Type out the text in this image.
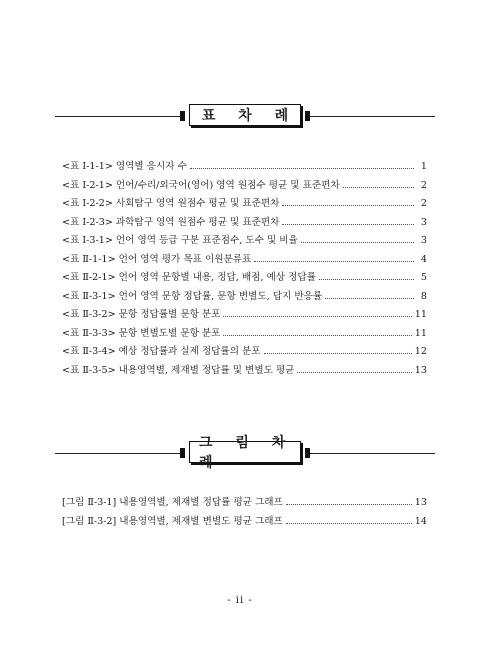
표 차 례
<표 Ⅰ-1-1> 영역별 응시자 수	1
<표 Ⅰ-2-1> 언어/수리/외국어(영어) 영역 원점수 평균 및 표준편차	2
<표 Ⅰ-2-2> 사회탐구 영역 원점수 평균 및 표준편차	2
<표 Ⅰ-2-3> 과학탐구 영역 원점수 평균 및 표준편차	3
<표 Ⅰ-3-1> 언어 영역 등급 구분 표준점수, 도수 및 비율	3
<표 Ⅱ-1-1> 언어 영역 평가 목표 이원분류표	4
<표 Ⅱ-2-1> 언어 영역 문항별 내용, 정답, 배점, 예상 정답률	5
<표 Ⅱ-3-1> 언어 영역 문항 정답률, 문항 변별도, 답지 반응률	8
<표 Ⅱ-3-2> 문항 정답률별 문항 분포	11
<표 Ⅱ-3-3> 문항 변별도별 문항 분포	11
<표 Ⅱ-3-4> 예상 정답률과 실제 정답률의 분포	12
<표 Ⅱ-3-5> 내용영역별, 제재별 정답률 및 변별도 평균	13
그 림 차 례
[그림 Ⅱ-3-1] 내용영역별, 제재별 정답률 평균 그래프	13
[그림 Ⅱ-3-2] 내용영역별, 제재별 변별도 평균 그래프	14
- ii -
